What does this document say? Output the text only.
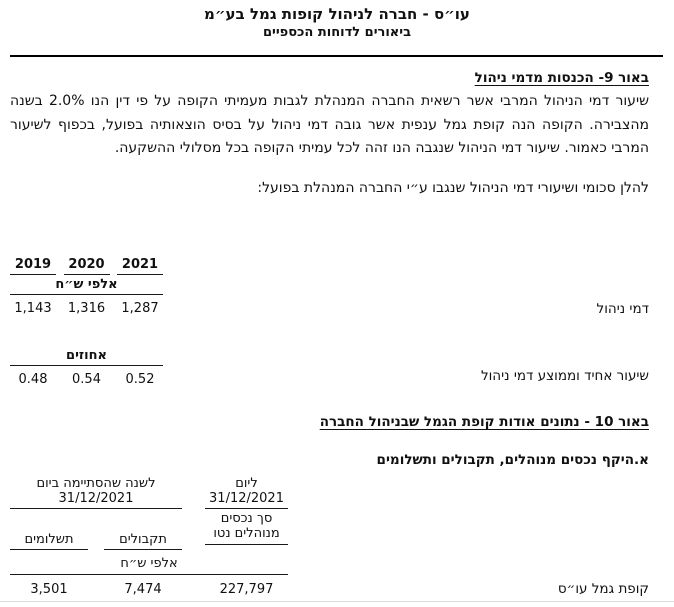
עו״ס - חברה לניהול קופות גמל בע״מ
ביאורים לדוחות הכספיים
באור 9- הכנסות מדמי ניהול
שיעור דמי הניהול המרבי אשר רשאית החברה המנהלת לגבות מעמיתי הקופה על פי דין הנו 2.0% בשנה מהצבירה. הקופה הנה קופת גמל ענפית אשר גובה דמי ניהול על בסיס הוצאותיה בפועל, בכפוף לשיעור המרבי כאמור. שיעור דמי הניהול שנגבה הנו זהה לכל עמיתי הקופה בכל מסלולי ההשקעה.
להלן סכומי ושיעורי דמי הניהול שנגבו ע״י החברה המנהלת בפועל:
2019	2020	2021
אלפי ש״ח
1,143	1,316	1,287	דמי ניהול
אחוזים
0.48	0.54	0.52	שיעור אחיד וממוצע דמי ניהול
באור 10 - נתונים אודות קופת הגמל שבניהול החברה
א.היקף נכסים מנוהלים, תקבולים ותשלומים
לשנה שהסתיימה ביום
31/12/2021
תשלומים	תקבולים
ליום
31/12/2021
סך נכסים
מנוהלים נטו
אלפי ש״ח
3,501	7,474	227,797	קופת גמל עו״ס
